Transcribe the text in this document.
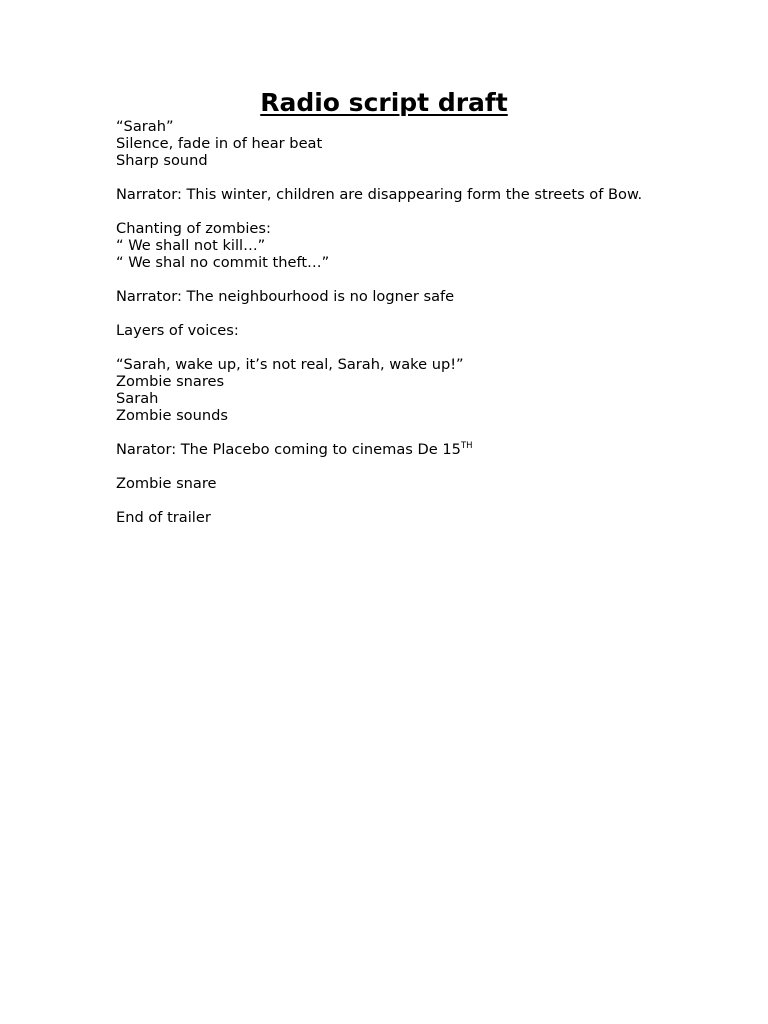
Radio script draft

“Sarah”

Silence, fade in of hear beat

Sharp sound

Narrator: This winter, children are disappearing form the streets of Bow.

Chanting of zombies:

“ We shall not kill…”

“ We shal no commit theft…”

Narrator: The neighbourhood is no logner safe

Layers of voices:

“Sarah, wake up, it’s not real, Sarah, wake up!”

Zombie snares

Sarah

Zombie sounds

Narator: The Placebo coming to cinemas De 15TH

Zombie snare

End of trailer
